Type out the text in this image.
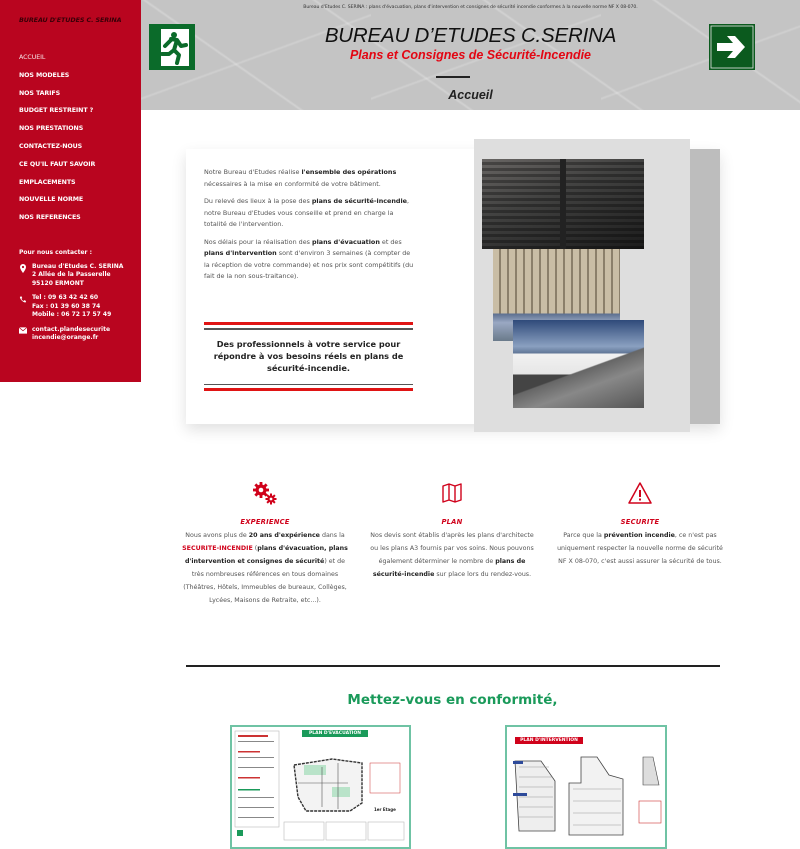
BUREAU D'ETUDES C. SERINA
ACCUEIL
NOS MODELES
NOS TARIFS
BUDGET RESTREINT ?
NOS PRESTATIONS
CONTACTEZ-NOUS
CE QU'IL FAUT SAVOIR
EMPLACEMENTS
NOUVELLE NORME
NOS REFERENCES
Pour nous contacter :
Bureau d'Etudes C. SERINA
2 Allée de la Passerelle
95120 ERMONT
Tel : 09 63 42 42 60
Fax : 01 39 60 38 74
Mobile : 06 72 17 57 49
contact.plandesecurite
incendie@orange.fr
Bureau d'Etudes C. SERINA : plans d'évacuation, plans d'intervention et consignes de sécurité incendie conformes à la nouvelle norme NF X 08-070.
BUREAU D’ETUDES C.SERINA
Plans et Consignes de Sécurité-Incendie
Accueil

Notre Bureau d'Etudes réalise l'ensemble des opérations nécessaires à la mise en conformité de votre bâtiment.

Du relevé des lieux à la pose des plans de sécurité-incendie, notre Bureau d'Etudes vous conseille et prend en charge la totalité de l'intervention.

Nos délais pour la réalisation des plans d'évacuation et des plans d'intervention sont d'environ 3 semaines (à compter de la réception de votre commande) et nos prix sont compétitifs (du fait de la non sous-traitance).

Des professionnels à votre service pour répondre à vos besoins réels en plans de sécurité-incendie.
EXPERIENCE

Nous avons plus de 20 ans d'expérience dans la SECURITE-INCENDIE (plans d'évacuation, plans d'intervention et consignes de sécurité) et de très nombreuses références en tous domaines (Théâtres, Hôtels, Immeubles de bureaux, Collèges, Lycées, Maisons de Retraite, etc...).

PLAN

Nos devis sont établis d'après les plans d'architecte ou les plans A3 fournis par vos soins. Nous pouvons également déterminer le nombre de plans de sécurité-incendie sur place lors du rendez-vous.

SECURITE

Parce que la prévention incendie, ce n'est pas uniquement respecter la nouvelle norme de sécurité NF X 08-070, c'est aussi assurer la sécurité de tous.

Mettez-vous en conformité,
PLAN D'EVACUATION
1er Etage
PLAN D'INTERVENTION
